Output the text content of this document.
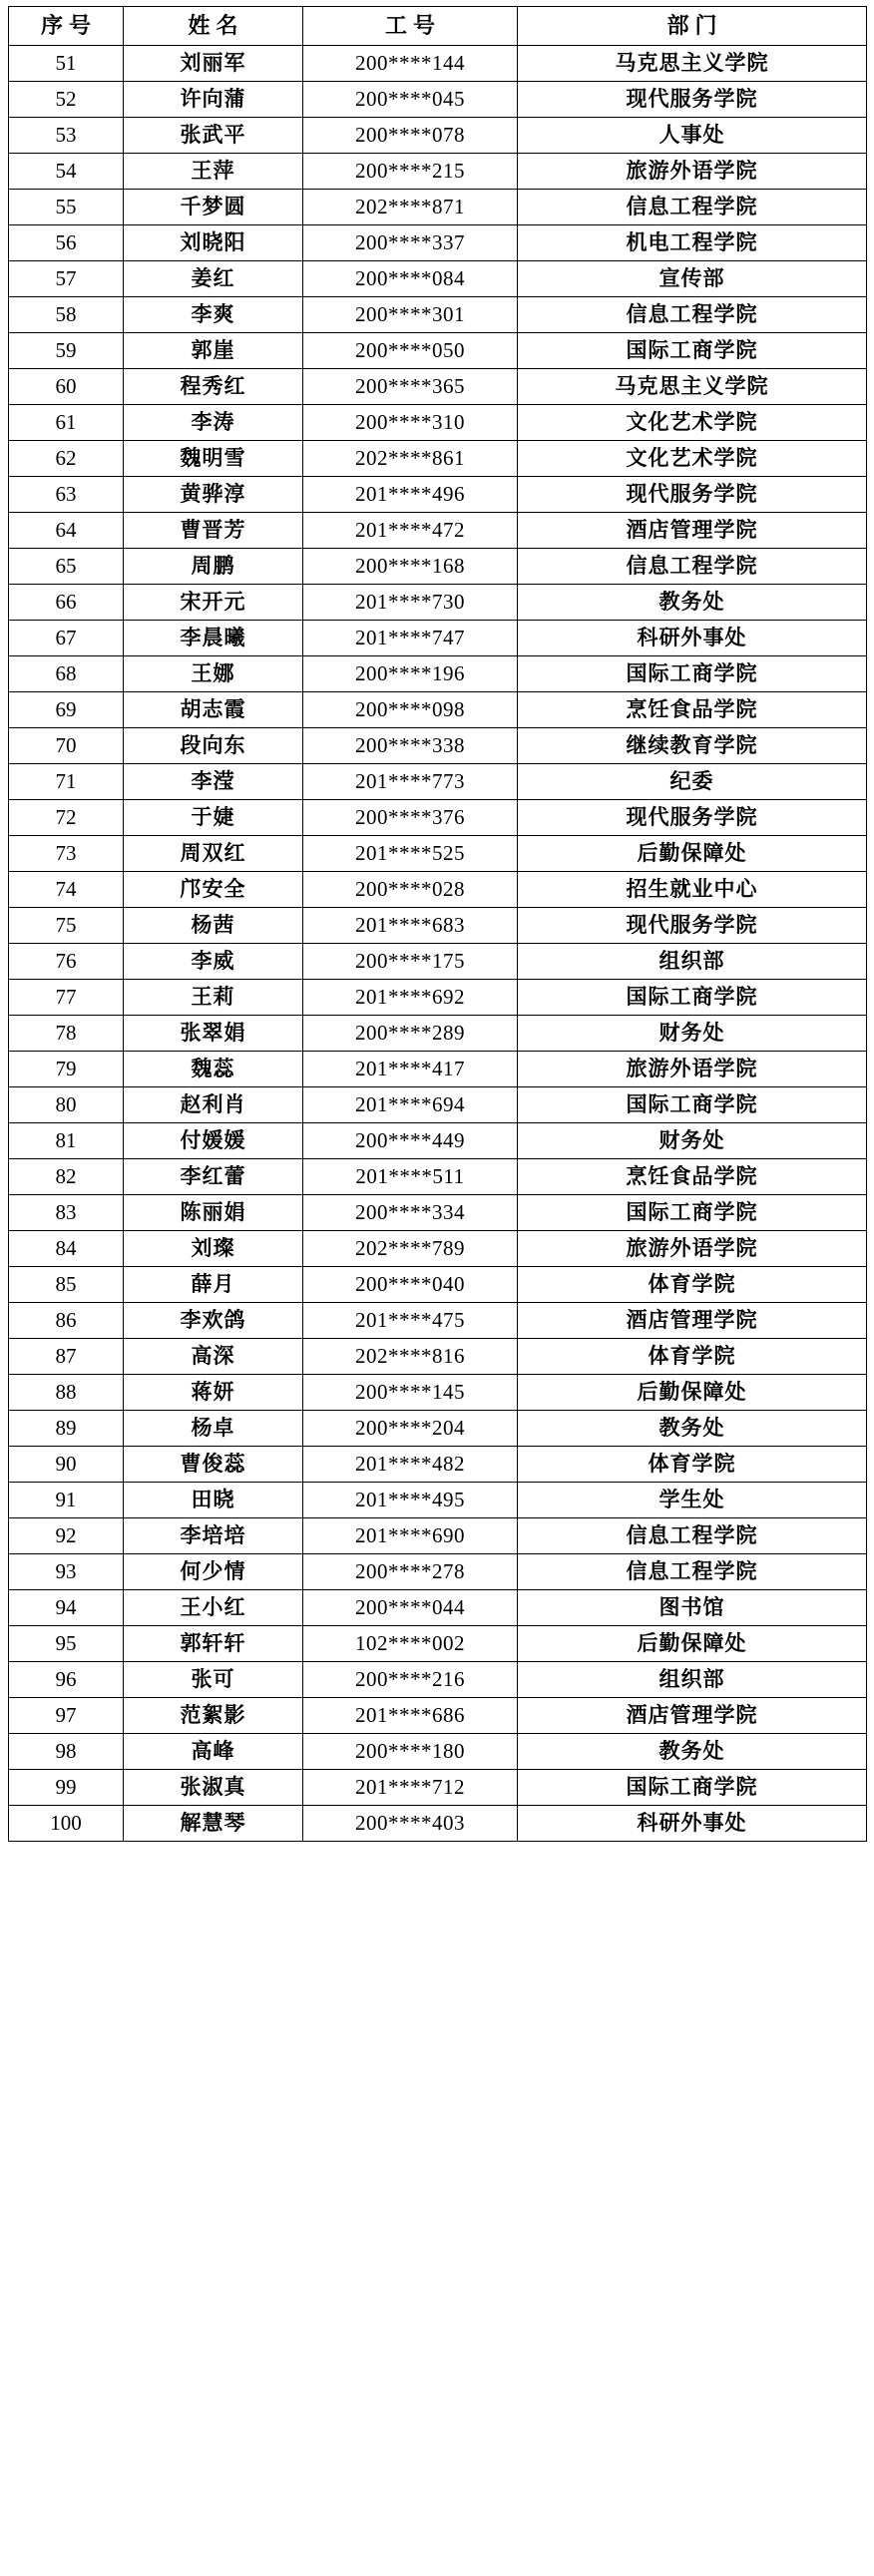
序号	姓名	工号	部门
51	刘丽军	200****144	马克思主义学院
52	许向蒲	200****045	现代服务学院
53	张武平	200****078	人事处
54	王萍	200****215	旅游外语学院
55	千梦圆	202****871	信息工程学院
56	刘晓阳	200****337	机电工程学院
57	姜红	200****084	宣传部
58	李爽	200****301	信息工程学院
59	郭崖	200****050	国际工商学院
60	程秀红	200****365	马克思主义学院
61	李涛	200****310	文化艺术学院
62	魏明雪	202****861	文化艺术学院
63	黄骅淳	201****496	现代服务学院
64	曹晋芳	201****472	酒店管理学院
65	周鹏	200****168	信息工程学院
66	宋开元	201****730	教务处
67	李晨曦	201****747	科研外事处
68	王娜	200****196	国际工商学院
69	胡志霞	200****098	烹饪食品学院
70	段向东	200****338	继续教育学院
71	李滢	201****773	纪委
72	于婕	200****376	现代服务学院
73	周双红	201****525	后勤保障处
74	邝安全	200****028	招生就业中心
75	杨茜	201****683	现代服务学院
76	李威	200****175	组织部
77	王莉	201****692	国际工商学院
78	张翠娟	200****289	财务处
79	魏蕊	201****417	旅游外语学院
80	赵利肖	201****694	国际工商学院
81	付媛媛	200****449	财务处
82	李红蕾	201****511	烹饪食品学院
83	陈丽娟	200****334	国际工商学院
84	刘璨	202****789	旅游外语学院
85	薛月	200****040	体育学院
86	李欢鸽	201****475	酒店管理学院
87	高深	202****816	体育学院
88	蒋妍	200****145	后勤保障处
89	杨卓	200****204	教务处
90	曹俊蕊	201****482	体育学院
91	田晓	201****495	学生处
92	李培培	201****690	信息工程学院
93	何少情	200****278	信息工程学院
94	王小红	200****044	图书馆
95	郭轩轩	102****002	后勤保障处
96	张可	200****216	组织部
97	范絮影	201****686	酒店管理学院
98	高峰	200****180	教务处
99	张淑真	201****712	国际工商学院
100	解慧琴	200****403	科研外事处
